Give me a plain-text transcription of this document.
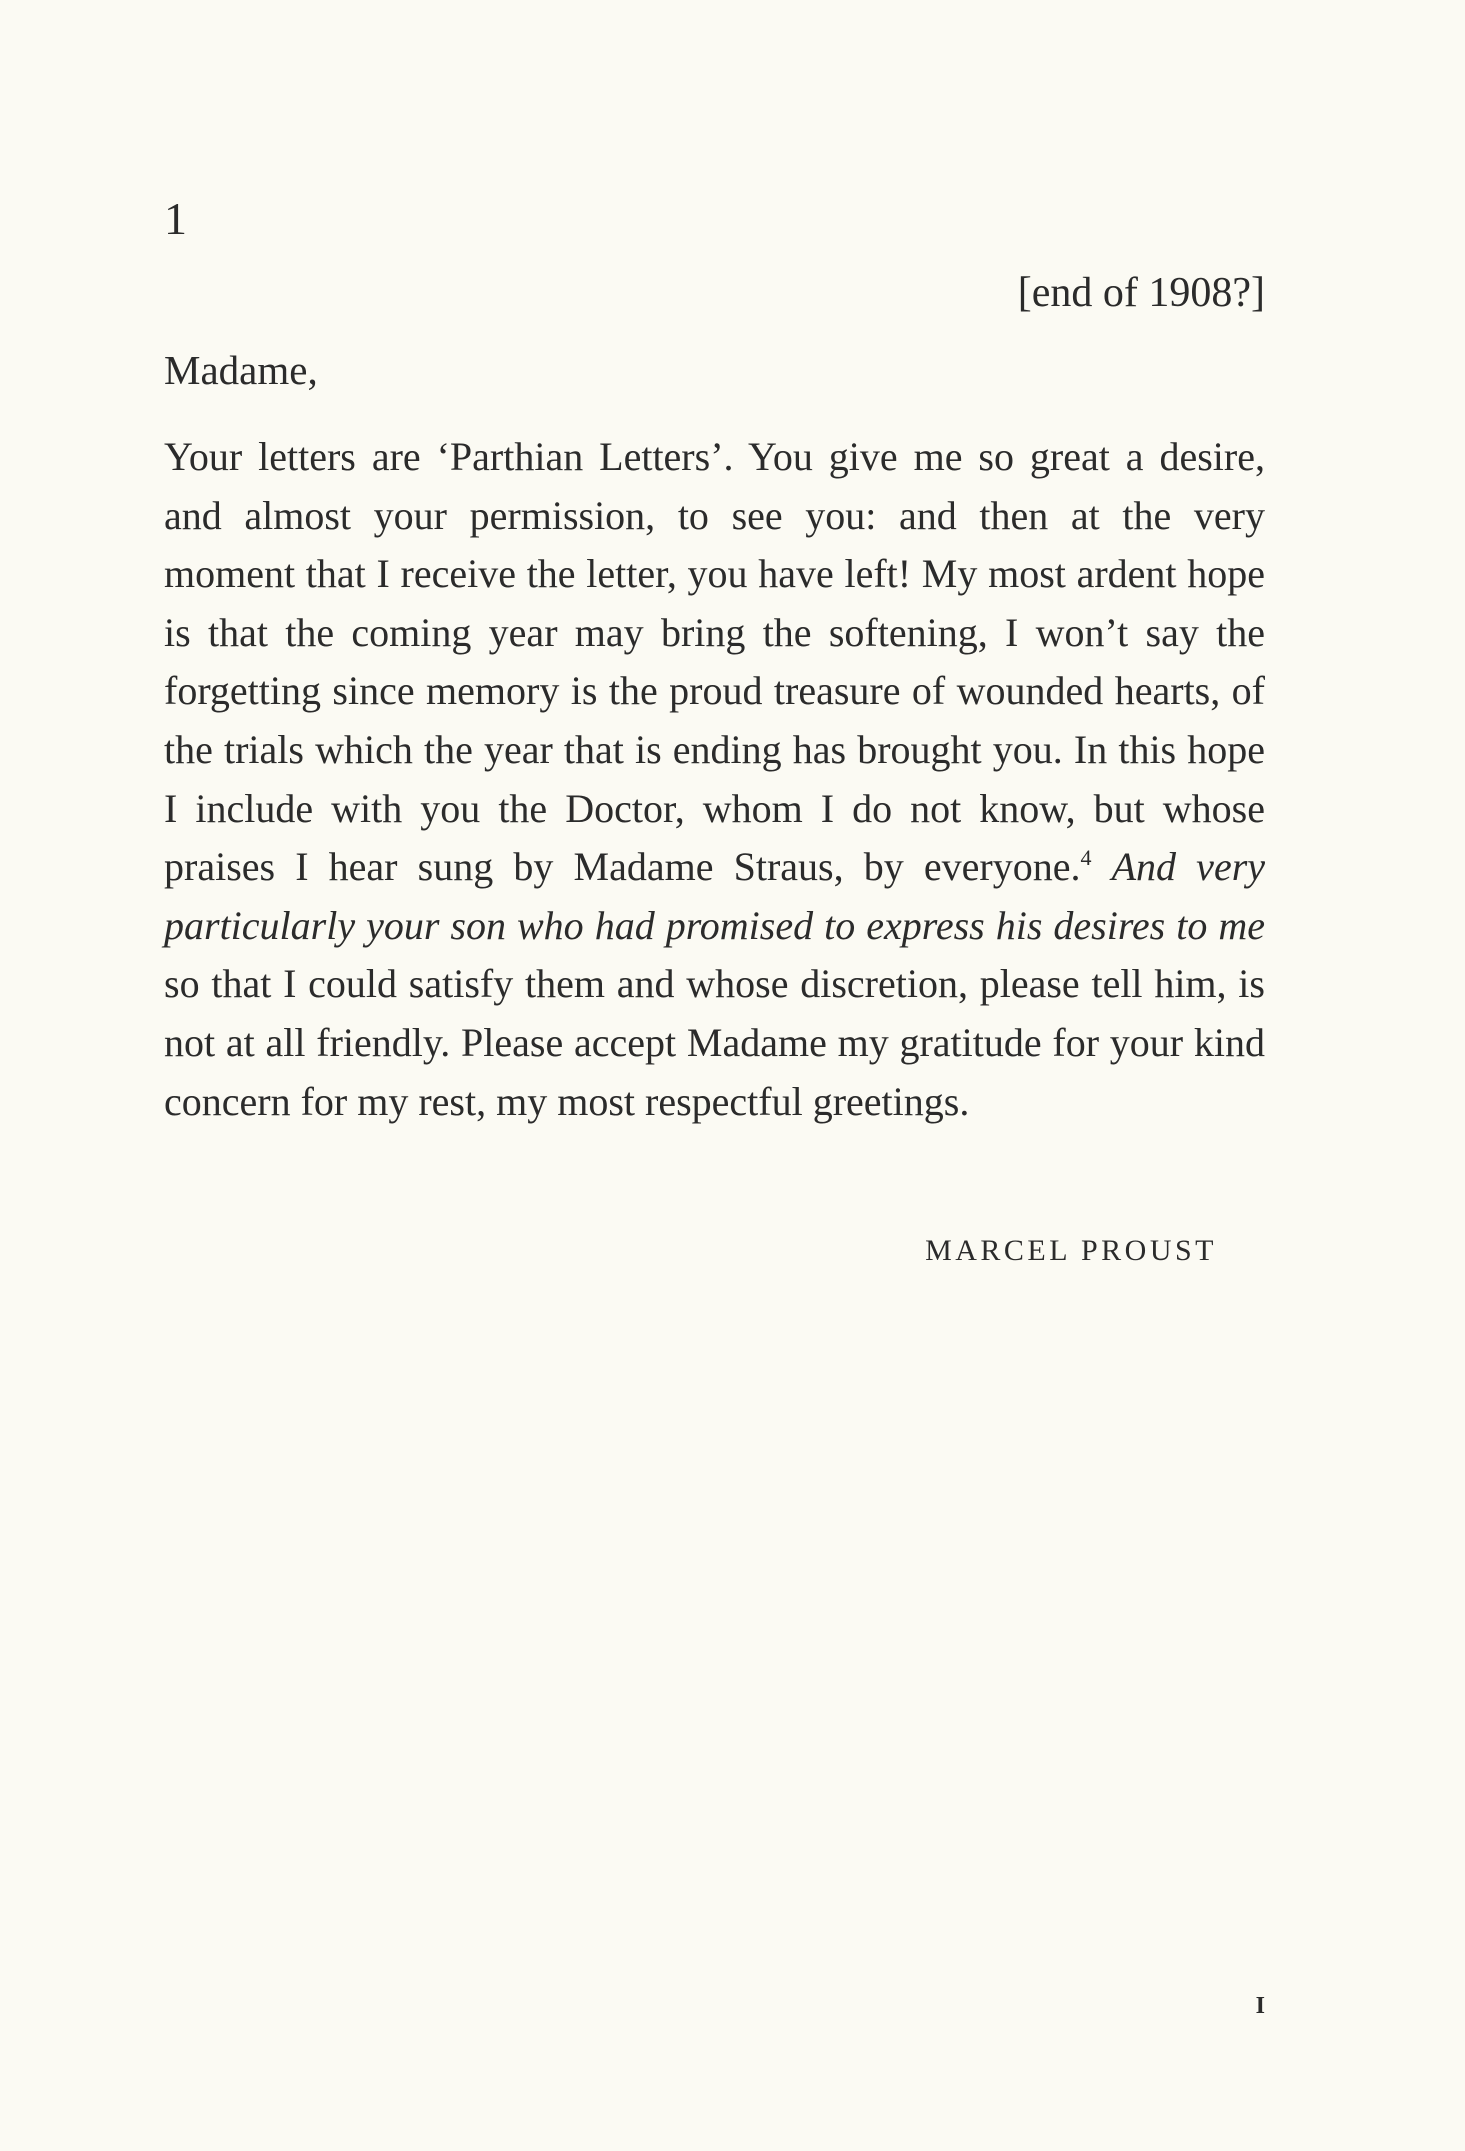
1
[end of 1908?]
Madame,

Your letters are ‘Parthian Letters’. You give me so great a desire, and almost your permission, to see you: and then at the very moment that I receive the letter, you have left! My most ardent hope is that the coming year may bring the softening, I won’t say the forgetting since memory is the proud treasure of wounded hearts, of the trials which the year that is ending has brought you. In this hope I include with you the Doctor, whom I do not know, but whose praises I hear sung by Madame Straus, by everyone.$^4$ And very particularly your son who had promised to express his desires to me so that I could satisfy them and whose discretion, please tell him, is not at all friendly. Please accept Madame my gratitude for your kind concern for my rest, my most respectful greetings.

MARCEL PROUST
I
